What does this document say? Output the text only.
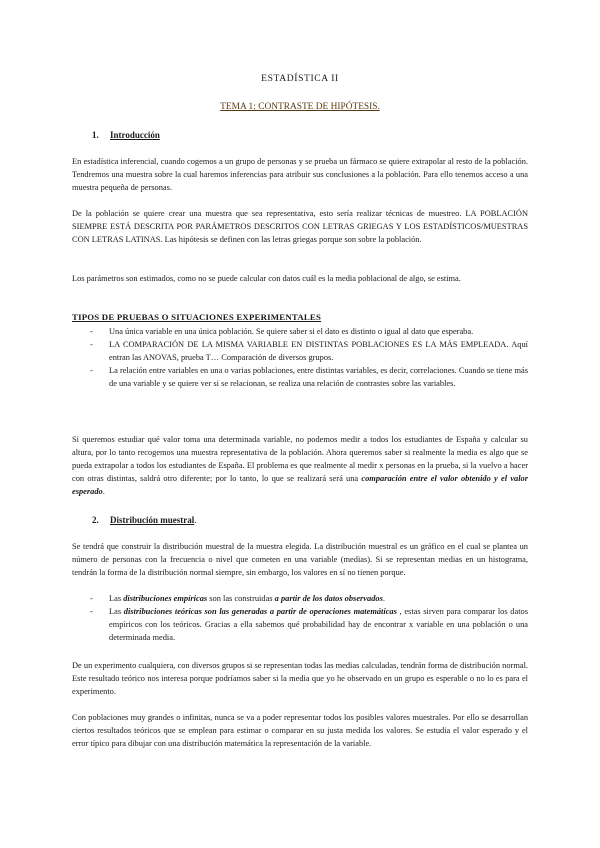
ESTADÍSTICA II
TEMA 1: CONTRASTE DE HIPÓTESIS.
1. Introducción

En estadística inferencial, cuando cogemos a un grupo de personas y se prueba un fármaco se quiere extrapolar al resto de la población. Tendremos una muestra sobre la cual haremos inferencias para atribuir sus conclusiones a la población. Para ello tenemos acceso a una muestra pequeña de personas.

De la población se quiere crear una muestra que sea representativa, esto sería realizar técnicas de muestreo. LA POBLACIÓN SIEMPRE ESTÁ DESCRITA POR PARÁMETROS DESCRITOS CON LETRAS GRIEGAS Y LOS ESTADÍSTICOS/MUESTRAS CON LETRAS LATINAS. Las hipótesis se definen con las letras griegas porque son sobre la población.

Los parámetros son estimados, como no se puede calcular con datos cuál es la media poblacional de algo, se estima.

TIPOS DE PRUEBAS O SITUACIONES EXPERIMENTALES
- Una única variable en una única población. Se quiere saber si el dato es distinto o igual al dato que esperaba.
- LA COMPARACIÓN DE LA MISMA VARIABLE EN DISTINTAS POBLACIONES ES LA MÁS EMPLEADA. Aquí entran las ANOVAS, prueba T… Comparación de diversos grupos.
- La relación entre variables en una o varias poblaciones, entre distintas variables, es decir, correlaciones. Cuando se tiene más de una variable y se quiere ver si se relacionan, se realiza una relación de contrastes sobre las variables.

Si queremos estudiar qué valor toma una determinada variable, no podemos medir a todos los estudiantes de España y calcular su altura, por lo tanto recogemos una muestra representativa de la población. Ahora queremos saber si realmente la media es algo que se pueda extrapolar a todos los estudiantes de España. El problema es que realmente al medir x personas en la prueba, si la vuelvo a hacer con otras distintas, saldrá otro diferente; por lo tanto, lo que se realizará será una comparación entre el valor obtenido y el valor esperado.

2. Distribución muestral.

Se tendrá que construir la distribución muestral de la muestra elegida. La distribución muestral es un gráfico en el cual se plantea un número de personas con la frecuencia o nivel que cometen en una variable (medias). Si se representan medias en un histograma, tendrán la forma de la distribución normal siempre, sin embargo, los valores en sí no tienen porque.

- Las distribuciones empíricas son las construidas a partir de los datos observados.
- Las distribuciones teóricas son las generadas a partir de operaciones matemáticas , estas sirven para comparar los datos empíricos con los teóricos. Gracias a ella sabemos qué probabilidad hay de encontrar x variable en una población o una determinada media.

De un experimento cualquiera, con diversos grupos si se representan todas las medias calculadas, tendrán forma de distribución normal. Este resultado teórico nos interesa porque podríamos saber si la media que yo he observado en un grupo es esperable o no lo es para el experimento.

Con poblaciones muy grandes o infinitas, nunca se va a poder representar todos los posibles valores muestrales. Por ello se desarrollan ciertos resultados teóricos que se emplean para estimar o comparar en su justa medida los valores. Se estudia el valor esperado y el error típico para dibujar con una distribución matemática la representación de la variable.
